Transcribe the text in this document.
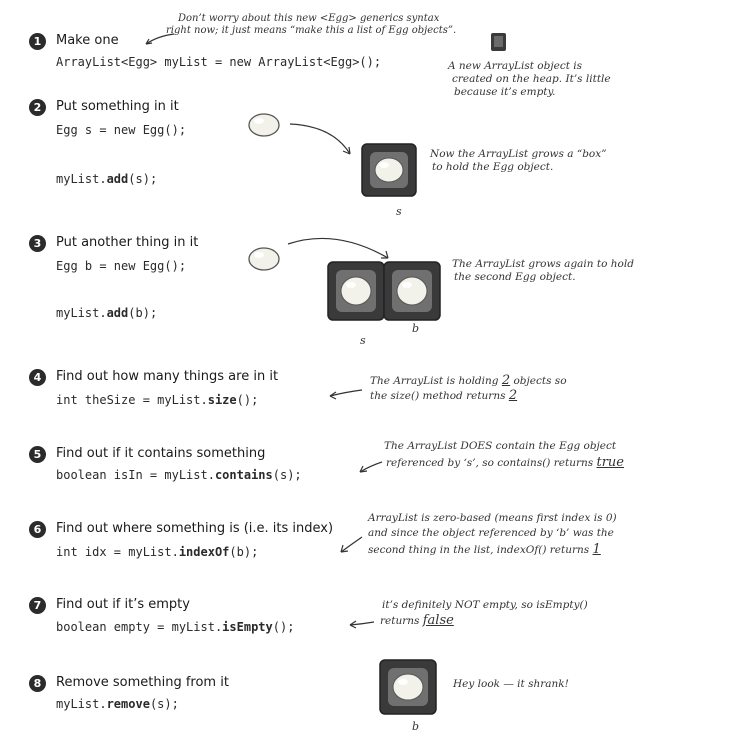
1	Make one
ArrayList<Egg> myList = new ArrayList<Egg>();
Don’t worry about this new <Egg> generics syntax
right now; it just means “make this a list of Egg objects”.
A new ArrayList object is
created on the heap. It’s little
because it’s empty.
2	Put something in it
Egg s = new Egg();
myList.add(s);
s
Now the ArrayList grows a “box”
to hold the Egg object.
3	Put another thing in it
Egg b = new Egg();
myList.add(b);
s
b
The ArrayList grows again to hold
the second Egg object.
4	Find out how many things are in it
int theSize = myList.size();
The ArrayList is holding 2 objects so
the size() method returns 2
5	Find out if it contains something
boolean isIn = myList.contains(s);
The ArrayList DOES contain the Egg object
referenced by ‘s’, so contains() returns true
6	Find out where something is (i.e. its index)
int idx = myList.indexOf(b);
ArrayList is zero-based (means first index is 0)
and since the object referenced by ‘b’ was the
second thing in the list, indexOf() returns 1
7	Find out if it’s empty
boolean empty = myList.isEmpty();
it’s definitely NOT empty, so isEmpty()
returns false
8	Remove something from it
myList.remove(s);
b
Hey look — it shrank!
